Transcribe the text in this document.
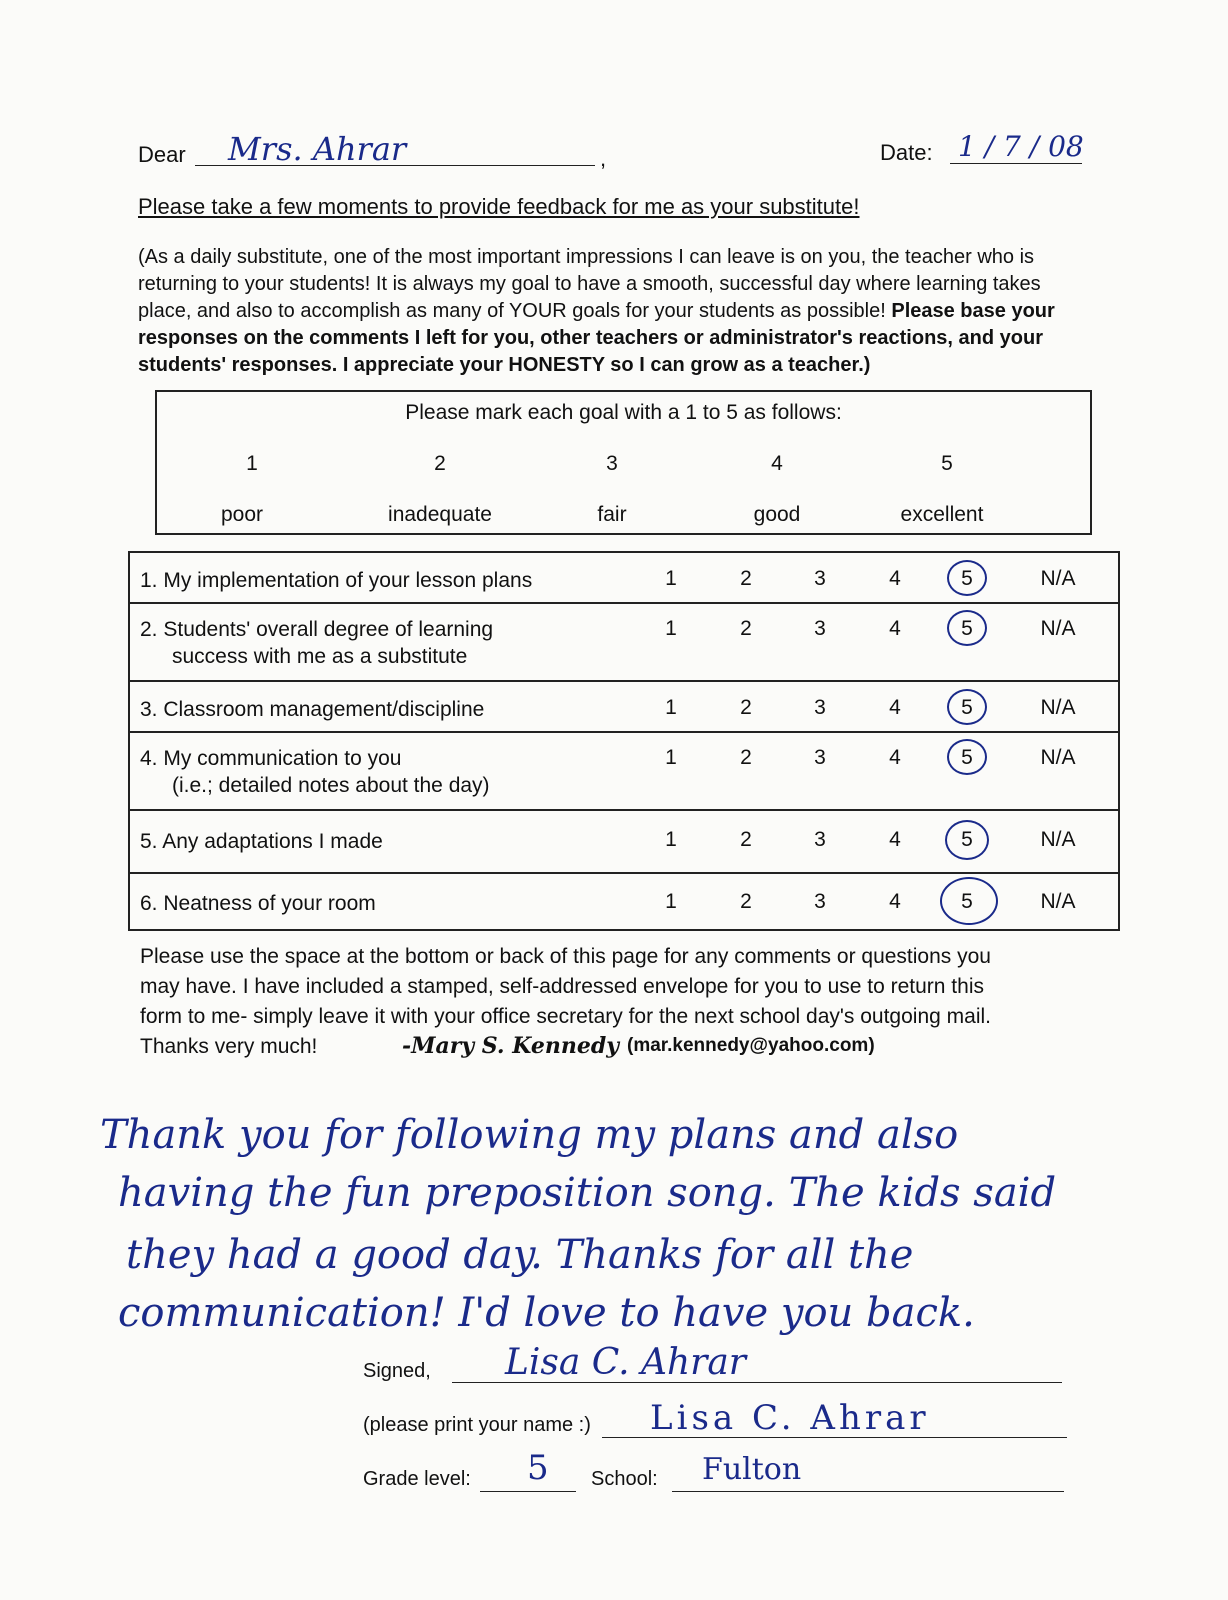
Dear Mrs. Ahrar	,	Date: 1 / 7 / 08
Please take a few moments to provide feedback for me as your substitute!
(As a daily substitute, one of the most important impressions I can leave is on you, the teacher who is
returning to your students! It is always my goal to have a smooth, successful day where learning takes
place, and also to accomplish as many of YOUR goals for your students as possible! Please base your
responses on the comments I left for you, other teachers or administrator's reactions, and your
students' responses. I appreciate your HONESTY so I can grow as a teacher.)
Please mark each goal with a 1 to 5 as follows:
1	2	3	4	5
poor	inadequate	fair	good	excellent
1. My implementation of your lesson plans	1	2	3	4	5	N/A
2. Students' overall degree of learning
success with me as a substitute
1	2	3	4	5	N/A
3. Classroom management/discipline	1	2	3	4	5	N/A
4. My communication to you
(i.e.; detailed notes about the day)
1	2	3	4	5	N/A
5. Any adaptations I made	1	2	3	4	5	N/A
6. Neatness of your room	1	2	3	4	5	N/A
Please use the space at the bottom or back of this page for any comments or questions you
may have. I have included a stamped, self-addressed envelope for you to use to return this
form to me- simply leave it with your office secretary for the next school day's outgoing mail.
Thanks very much!	-Mary S. Kennedy (mar.kennedy@yahoo.com)
Thank you for following my plans and also
having the fun preposition song. The kids said
they had a good day. Thanks for all the
communication! I'd love to have you back.
Signed, Lisa C. Ahrar
(please print your name :) Lisa C. Ahrar
Grade level: 5 School: Fulton
